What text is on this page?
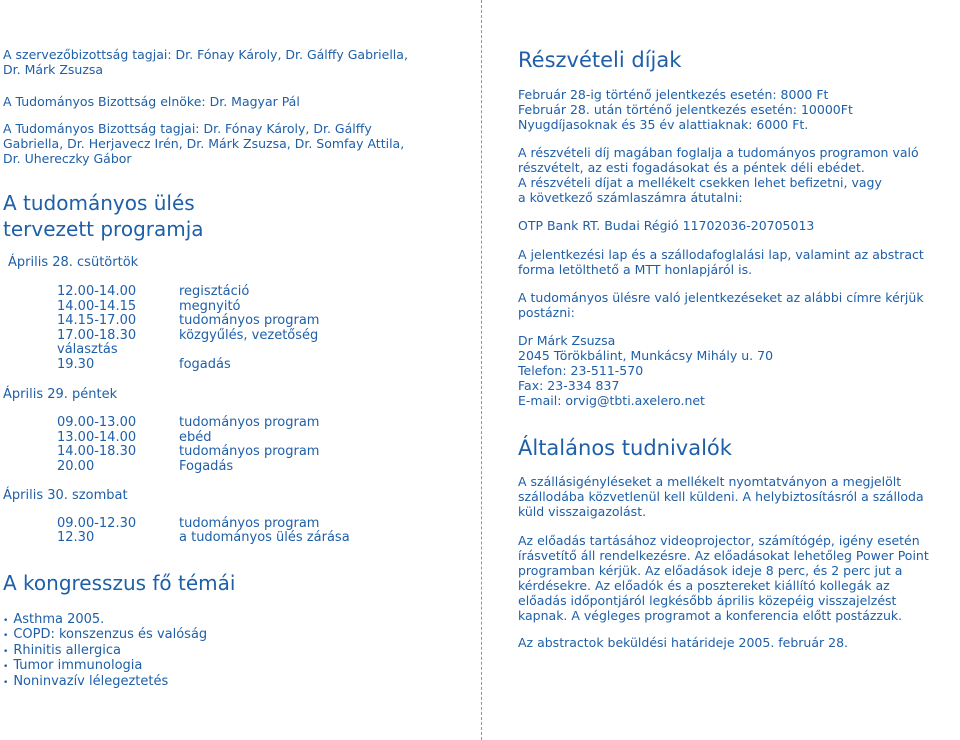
A szervezőbizottság tagjai: Dr. Fónay Károly, Dr. Gálffy Gabriella,
Dr. Márk Zsuzsa

A Tudományos Bizottság elnöke: Dr. Magyar Pál

A Tudományos Bizottság tagjai: Dr. Fónay Károly, Dr. Gálffy
Gabriella, Dr. Herjavecz Irén, Dr. Márk Zsuzsa, Dr. Somfay Attila,
Dr. Uhereczky Gábor

A tudományos ülés
tervezett programja
Április 28. csütörtök
12.00-14.00	regisztáció
14.00-14.15	megnyitó
14.15-17.00	tudományos program
17.00-18.30	közgyűlés, vezetőség
választás
19.30	fogadás
Április 29. péntek
09.00-13.00	tudományos program
13.00-14.00	ebéd
14.00-18.30	tudományos program
20.00	Fogadás
Április 30. szombat
09.00-12.30	tudományos program
12.30	a tudományos ülés zárása
A kongresszus fő témái
• Asthma 2005.
• COPD: konszenzus és valóság
• Rhinitis allergica
• Tumor immunologia
• Noninvazív lélegeztetés
Részvételi díjak

Február 28-ig történő jelentkezés esetén: 8000 Ft
Február 28. után történő jelentkezés esetén: 10000Ft
Nyugdíjasoknak és 35 év alattiaknak: 6000 Ft.

A részvételi díj magában foglalja a tudományos programon való
részvételt, az esti fogadásokat és a péntek déli ebédet.
A részvételi díjat a mellékelt csekken lehet befizetni, vagy
a következő számlaszámra átutalni:

OTP Bank RT. Budai Régió 11702036-20705013

A jelentkezési lap és a szállodafoglalási lap, valamint az abstract
forma letölthető a MTT honlapjáról is.

A tudományos ülésre való jelentkezéseket az alábbi címre kérjük
postázni:

Dr Márk Zsuzsa
2045 Törökbálint, Munkácsy Mihály u. 70
Telefon: 23-511-570
Fax: 23-334 837
E-mail: orvig@tbti.axelero.net

Általános tudnivalók

A szállásigényléseket a mellékelt nyomtatványon a megjelölt
szállodába közvetlenül kell küldeni. A helybiztosításról a szálloda
küld visszaigazolást.

Az előadás tartásához videoprojector, számítógép, igény esetén
írásvetítő áll rendelkezésre. Az előadásokat lehetőleg Power Point
programban kérjük. Az előadások ideje 8 perc, és 2 perc jut a
kérdésekre. Az előadók és a posztereket kiállító kollegák az
előadás időpontjáról legkésőbb április közepéig visszajelzést
kapnak. A végleges programot a konferencia előtt postázzuk.

Az abstractok beküldési határideje 2005. február 28.
